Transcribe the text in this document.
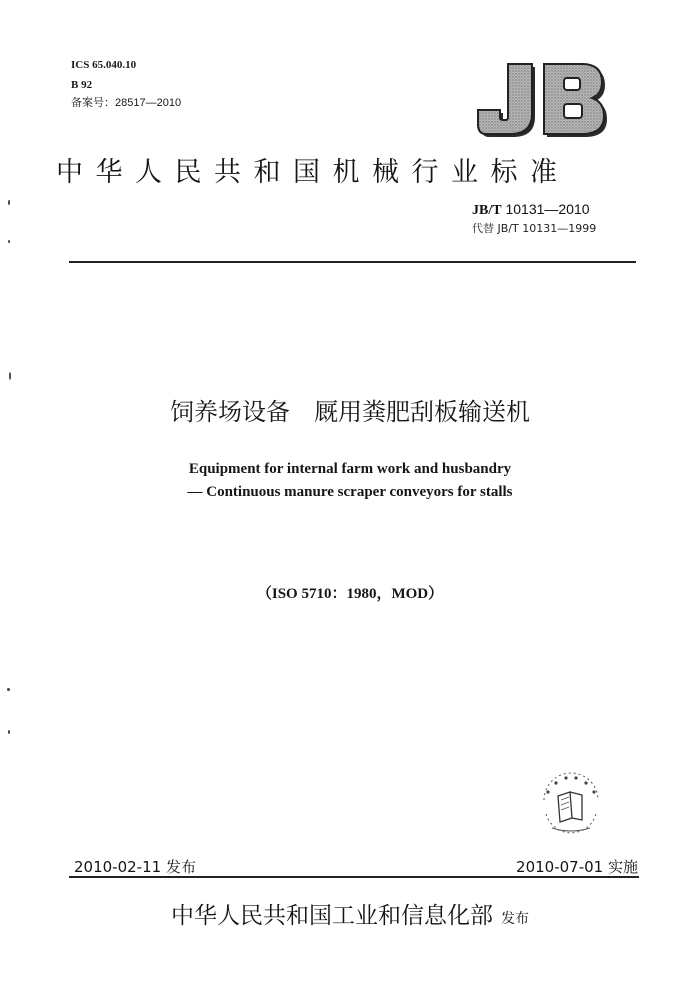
ICS 65.040.10
B 92
备案号：28517—2010
中华人民共和国机械行业标准
JB/T 10131—2010
代替 JB/T 10131—1999
饲养场设备　厩用粪肥刮板输送机
Equipment for internal farm work and husbandry
— Continuous manure scraper conveyors for stalls
（ISO 5710：1980，MOD）
2010-02-11 发布	2010-07-01 实施
中华人民共和国工业和信息化部 发布
